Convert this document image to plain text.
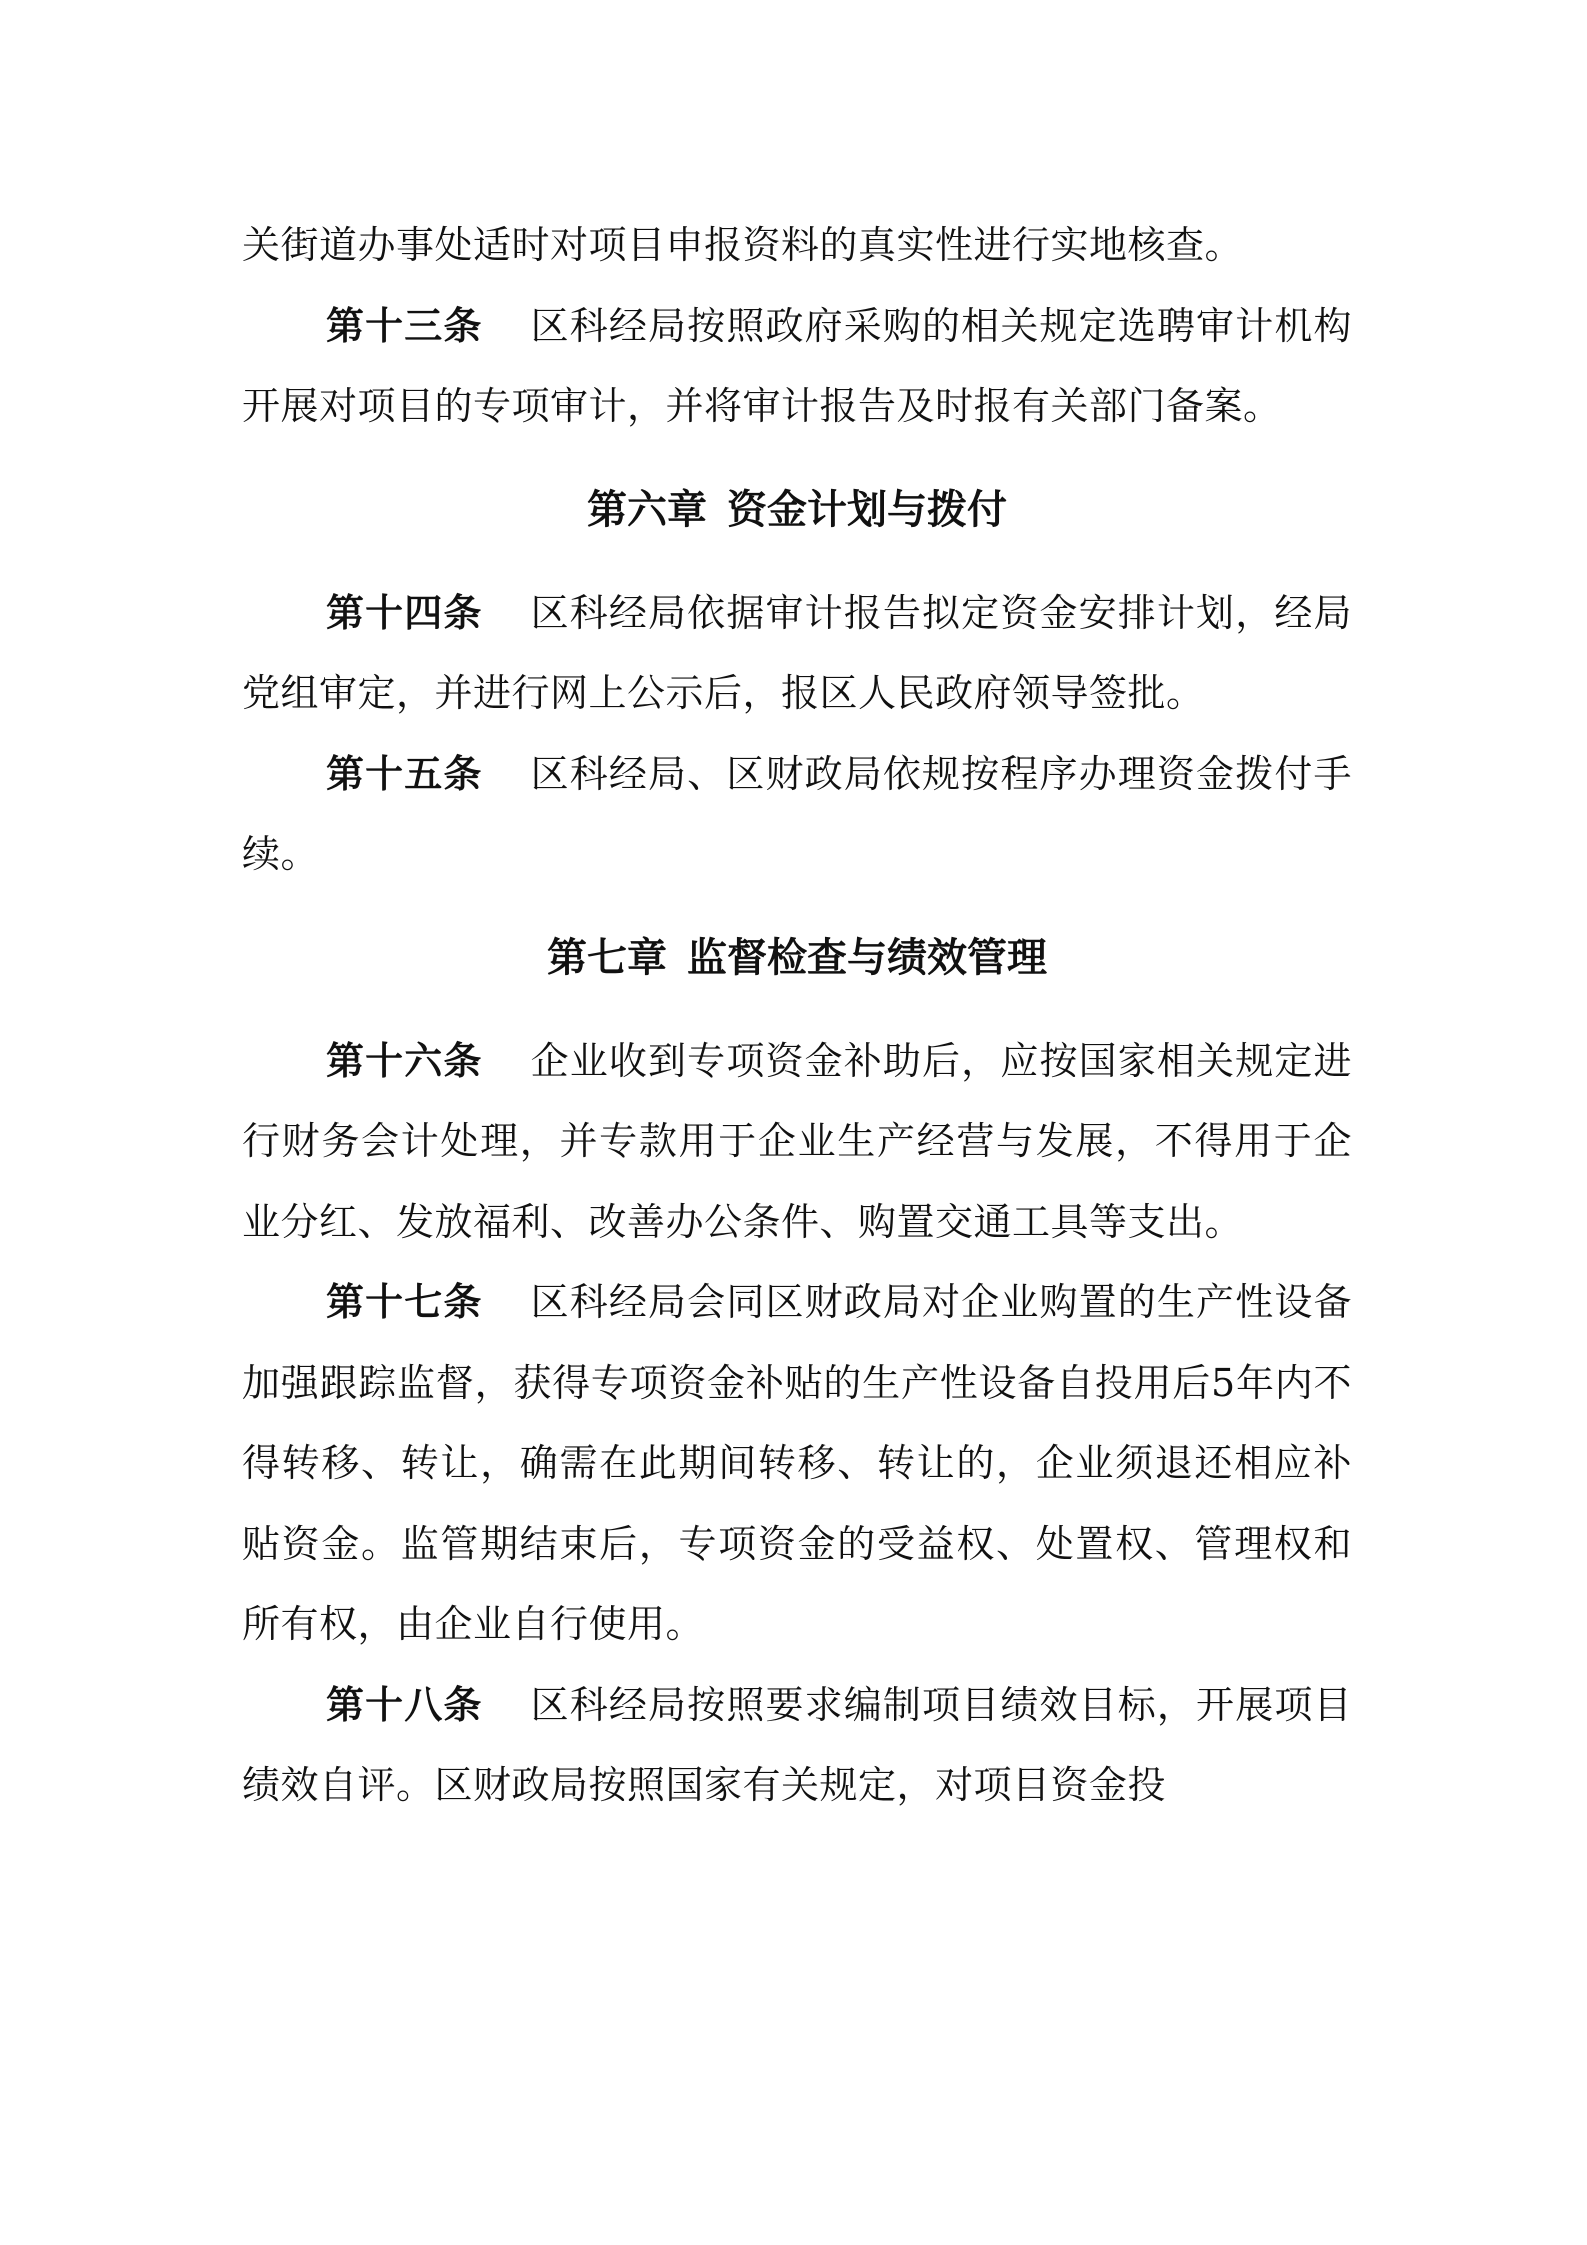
关街道办事处适时对项目申报资料的真实性进行实地核查。

第十三条 区科经局按照政府采购的相关规定选聘审计机构开展对项目的专项审计，并将审计报告及时报有关部门备案。

第六章 资金计划与拨付

第十四条 区科经局依据审计报告拟定资金安排计划，经局党组审定，并进行网上公示后，报区人民政府领导签批。

第十五条 区科经局、区财政局依规按程序办理资金拨付手续。

第七章 监督检查与绩效管理

第十六条 企业收到专项资金补助后，应按国家相关规定进行财务会计处理，并专款用于企业生产经营与发展，不得用于企业分红、发放福利、改善办公条件、购置交通工具等支出。

第十七条 区科经局会同区财政局对企业购置的生产性设备加强跟踪监督，获得专项资金补贴的生产性设备自投用后5年内不得转移、转让，确需在此期间转移、转让的，企业须退还相应补贴资金。监管期结束后，专项资金的受益权、处置权、管理权和所有权，由企业自行使用。

第十八条 区科经局按照要求编制项目绩效目标，开展项目绩效自评。区财政局按照国家有关规定，对项目资金投
